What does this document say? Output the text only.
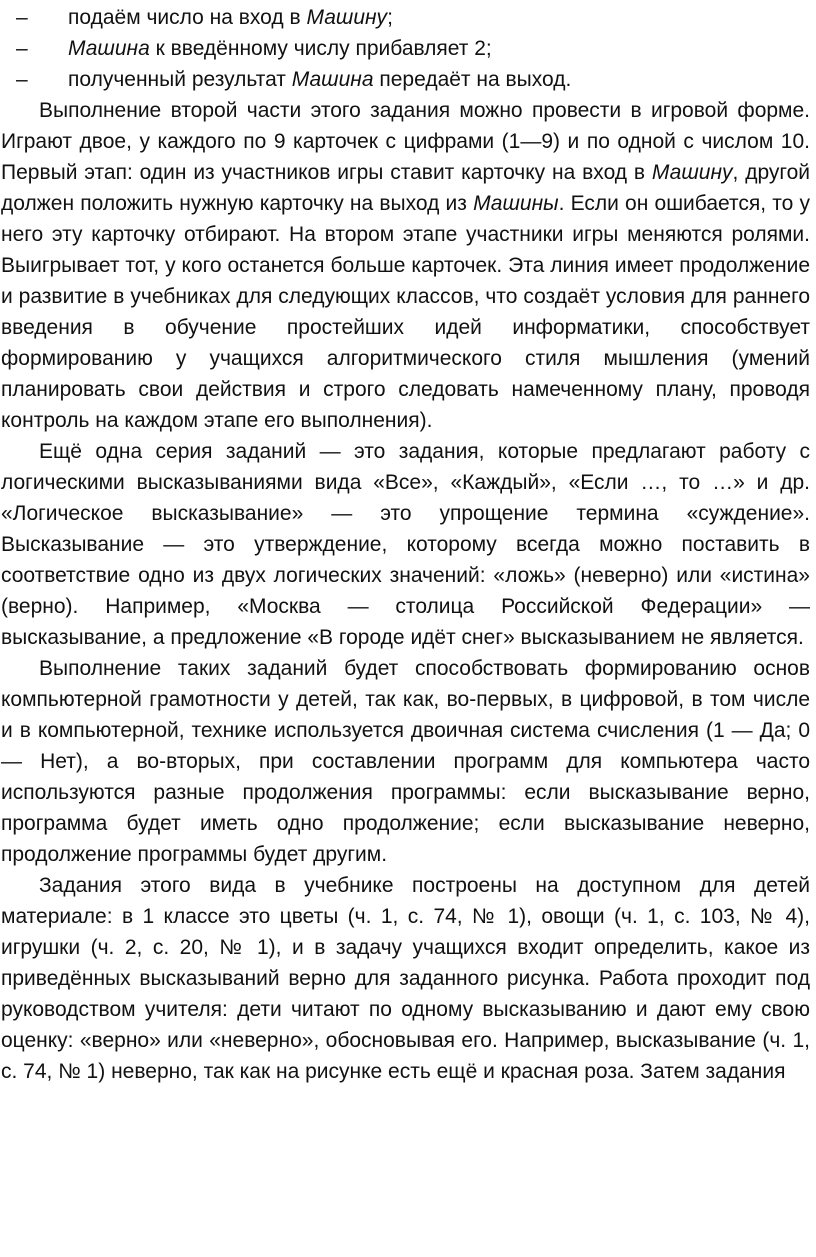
– подаём число на вход в Машину;

– Машина к введённому числу прибавляет 2;

– полученный результат Машина передаёт на выход.

Выполнение второй части этого задания можно провести в игровой форме. Играют двое, у каждого по 9 карточек с цифрами (1—9) и по одной с числом 10. Первый этап: один из участников игры ставит карточку на вход в Машину, другой должен положить нужную карточку на выход из Машины. Если он ошибается, то у него эту карточку отбирают. На втором этапе участники игры меняются ролями. Выигрывает тот, у кого останется больше карточек. Эта линия имеет продолжение и развитие в учебниках для следующих классов, что создаёт условия для раннего введения в обучение простейших идей информатики, способствует формированию у учащихся алгоритмического стиля мышления (умений планировать свои действия и строго следовать намеченному плану, проводя контроль на каждом этапе его выполнения).

Ещё одна серия заданий — это задания, которые предлагают работу с логическими высказываниями вида «Все», «Каждый», «Если …, то …» и др. «Логическое высказывание» — это упрощение термина «суждение». Высказывание — это утверждение, которому всегда можно поставить в соответствие одно из двух логических значений: «ложь» (неверно) или «истина» (верно). Например, «Москва — столица Российской Федерации» — высказывание, а предложение «В городе идёт снег» высказыванием не является.

Выполнение таких заданий будет способствовать формированию основ компьютерной грамотности у детей, так как, во-первых, в цифровой, в том числе и в компьютерной, технике используется двоичная система счисления (1 — Да; 0 — Нет), а во-вторых, при составлении программ для компьютера часто используются разные продолжения программы: если высказывание верно, программа будет иметь одно продолжение; если высказывание неверно, продолжение программы будет другим.

Задания этого вида в учебнике построены на доступном для детей материале: в 1 классе это цветы (ч. 1, с. 74, № 1), овощи (ч. 1, с. 103, № 4), игрушки (ч. 2, с. 20, № 1), и в задачу учащихся входит определить, какое из приведённых высказываний верно для заданного рисунка. Работа проходит под руководством учителя: дети читают по одному высказыванию и дают ему свою оценку: «верно» или «неверно», обосновывая его. Например, высказывание (ч. 1, с. 74, № 1) неверно, так как на рисунке есть ещё и красная роза. Затем задания
